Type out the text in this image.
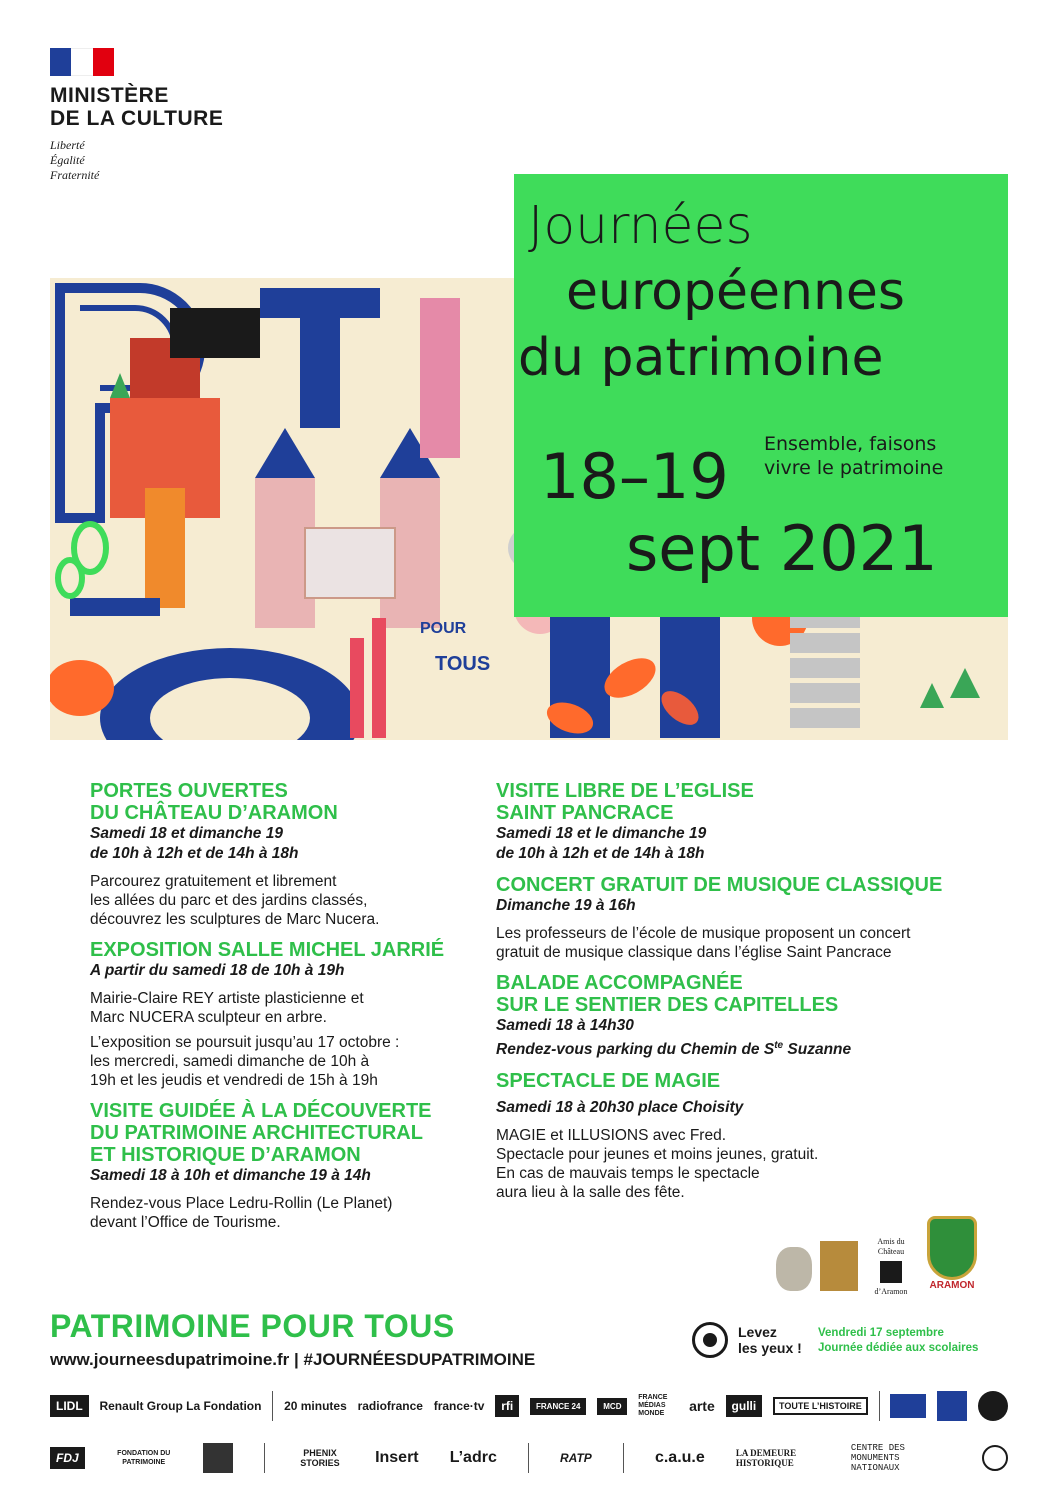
MINISTÈRE
DE LA CULTURE
Liberté
Égalité
Fraternité
POUR
TOUS
Journées
européennes
du patrimoine
Ensemble, faisons
vivre le patrimoine
18–19
sept 2021
PORTES OUVERTES
DU CHÂTEAU D’ARAMON
Samedi 18 et dimanche 19
de 10h à 12h et de 14h à 18h

Parcourez gratuitement et librement
les allées du parc et des jardins classés,
découvrez les sculptures de Marc Nucera.

EXPOSITION SALLE MICHEL JARRIÉ
A partir du samedi 18 de 10h à 19h

Mairie-Claire REY artiste plasticienne et
Marc NUCERA sculpteur en arbre.

L’exposition se poursuit jusqu’au 17 octobre :
les mercredi, samedi dimanche de 10h à
19h et les jeudis et vendredi de 15h à 19h

VISITE GUIDÉE À LA DÉCOUVERTE
DU PATRIMOINE ARCHITECTURAL
ET HISTORIQUE D’ARAMON
Samedi 18 à 10h et dimanche 19 à 14h

Rendez-vous Place Ledru-Rollin (Le Planet)
devant l’Office de Tourisme.

VISITE LIBRE DE L’EGLISE
SAINT PANCRACE
Samedi 18 et le dimanche 19
de 10h à 12h et de 14h à 18h
CONCERT GRATUIT DE MUSIQUE CLASSIQUE
Dimanche 19 à 16h

Les professeurs de l’école de musique proposent un concert
gratuit de musique classique dans l’église Saint Pancrace

BALADE ACCOMPAGNÉE
SUR LE SENTIER DES CAPITELLES
Samedi 18 à 14h30
Rendez-vous parking du Chemin de $S^{te}$ Suzanne
SPECTACLE DE MAGIE
Samedi 18 à 20h30 place Choisity

MAGIE et ILLUSIONS avec Fred.
Spectacle pour jeunes et moins jeunes, gratuit.
En cas de mauvais temps le spectacle
aura lieu à la salle des fête.

Amis du Château
d’Aramon
ARAMON
PATRIMOINE POUR TOUS
www.journeesdupatrimoine.fr | #JOURNÉESDUPATRIMOINE
Levez
les yeux !
Vendredi 17 septembre
Journée dédiée aux scolaires
LIDL	Renault Group La Fondation 20 minutes radiofrance france·tv	rfi	FRANCE 24	MCD
FRANCE MÉDIAS MONDE	arte	gulli	TOUTE L’HISTOIRE
FDJ	FONDATION DU PATRIMOINE
PHENIX STORIES Insert L’adrc	RATP	c.a.u.e	LA DEMEURE HISTORIQUE
CENTRE DES MONUMENTS NATIONAUX
